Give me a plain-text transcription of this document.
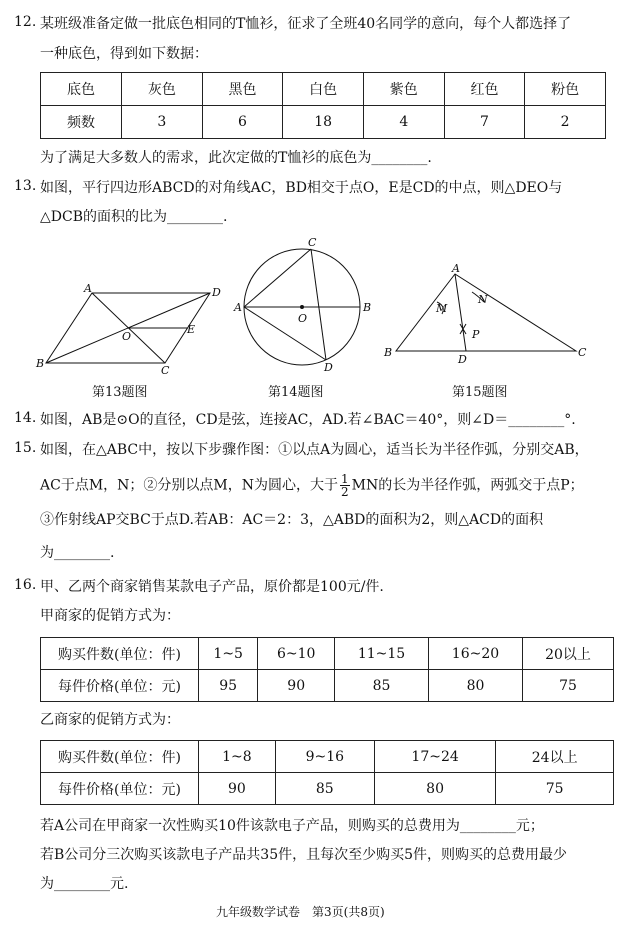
12. 某班级准备定做一批底色相同的T恤衫，征求了全班40名同学的意向，每个人都选择了
一种底色，得到如下数据：
底色	灰色	黑色	白色	紫色	红色	粉色
频数	3	6	18	4	7	2
为了满足大多数人的需求，此次定做的T恤衫的底色为________.
13. 如图，平行四边形ABCD的对角线AC，BD相交于点O，E是CD的中点，则△DEO与
△DCB的面积的比为________.
A	D
B
C
O
E
第13题图
A	B
C
D
O
第14题图
A
B	C
D
M
N
P
第15题图
14. 如图，AB是⊙O的直径，CD是弦，连接AC，AD.若∠BAC＝40°，则∠D＝________°.
15. 如图，在△ABC中，按以下步骤作图：①以点A为圆心，适当长为半径作弧，分别交AB，
AC于点M，N；②分别以点M，N为圆心，大于 $\frac{1}{2}$ MN的长为半径作弧，两弧交于点P；
③作射线AP交BC于点D.若AB：AC＝2：3，△ABD的面积为2，则△ACD的面积
为________.
16. 甲、乙两个商家销售某款电子产品，原价都是100元/件.
甲商家的促销方式为：
购买件数(单位：件)	1~5	6~10	11~15	16~20	20以上
每件价格(单位：元)	95	90	85	80	75
乙商家的促销方式为：
购买件数(单位：件)	1~8	9~16	17~24	24以上
每件价格(单位：元)	90	85	80	75
若A公司在甲商家一次性购买10件该款电子产品，则购买的总费用为________元；
若B公司分三次购买该款电子产品共35件，且每次至少购买5件，则购买的总费用最少
为________元.
九年级数学试卷　第3页(共8页)
